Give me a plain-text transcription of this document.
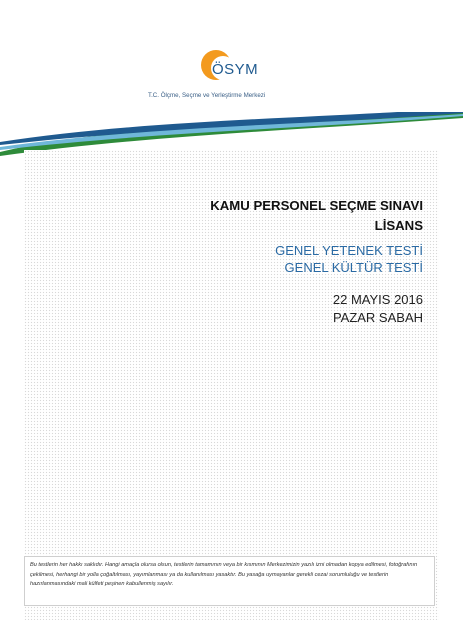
ÖSYM
T.C. Ölçme, Seçme ve Yerleştirme Merkezi
KAMU PERSONEL SEÇME SINAVI
LİSANS
GENEL YETENEK TESTİ
GENEL KÜLTÜR TESTİ
22 MAYIS 2016
PAZAR SABAH
Bu testlerin her hakkı saklıdır. Hangi amaçla olursa olsun, testlerin tamamının veya bir kısmının Merkezimizin yazılı izni olmadan kopya edilmesi, fotoğrafının çekilmesi, herhangi bir yolla çoğaltılması, yayımlanması ya da kullanılması yasaktır. Bu yasağa uymayanlar gerekli cezai sorumluluğu ve testlerin hazırlanmasındaki mali külfeti peşinen kabullenmiş sayılır.
